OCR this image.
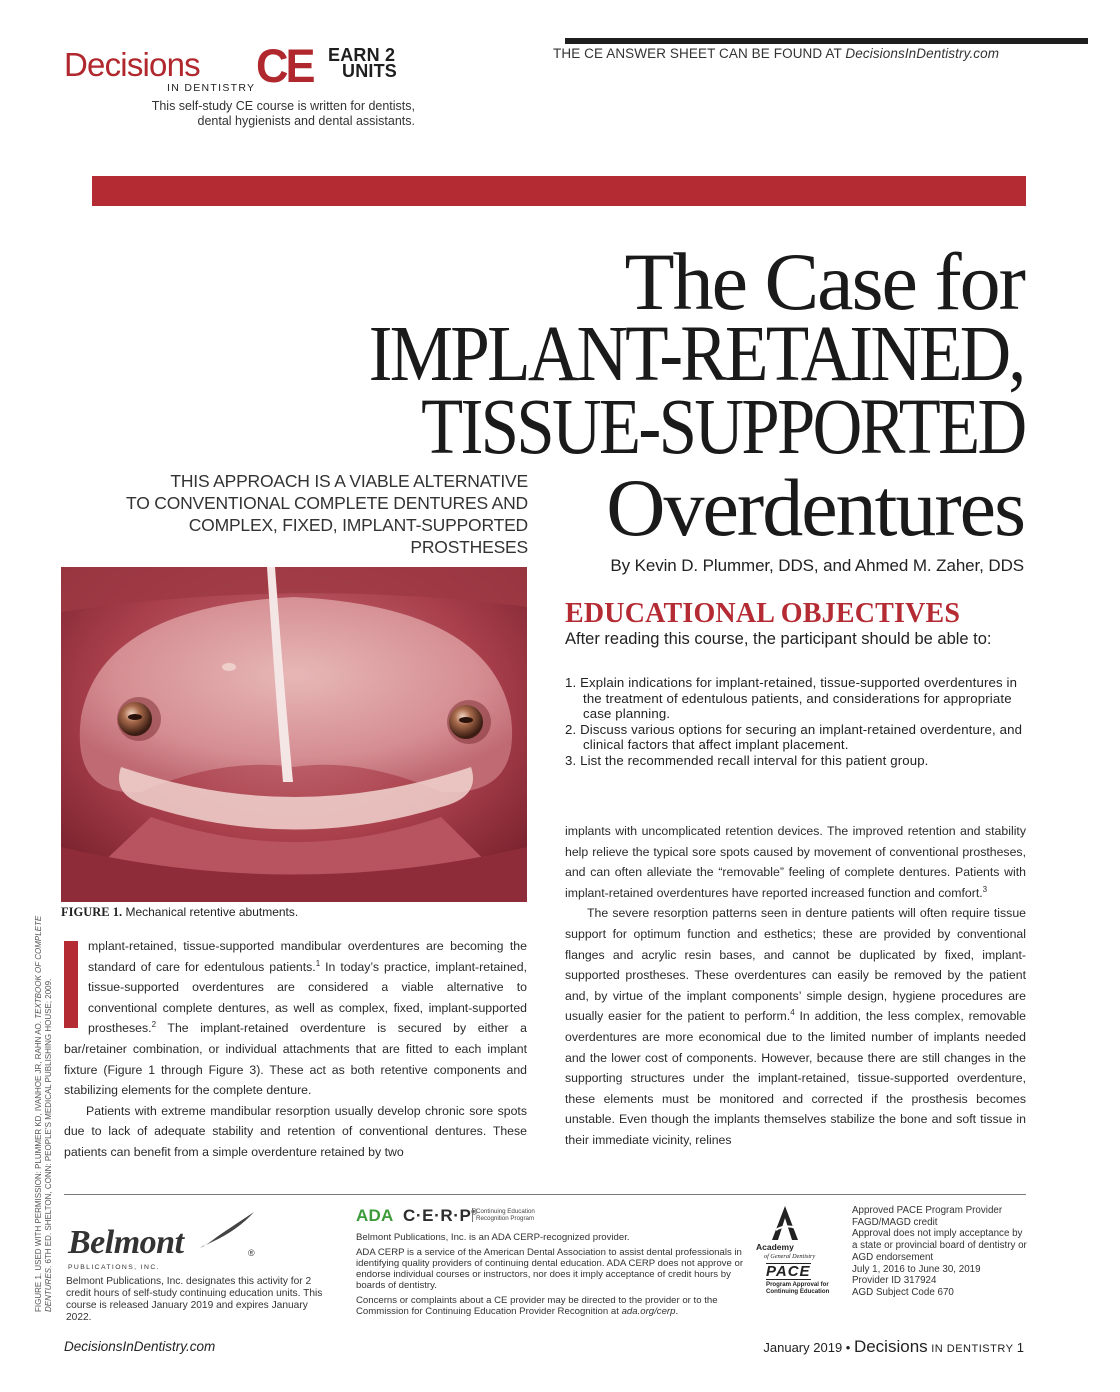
THE CE ANSWER SHEET CAN BE FOUND AT DecisionsInDentistry.com
Decisions
IN DENTISTRY CE EARN 2
UNITS
This self-study CE course is written for dentists,
dental hygienists and dental assistants.
The Case for
IMPLANT-RETAINED,
TISSUE-SUPPORTED
Overdentures
THIS APPROACH IS A VIABLE ALTERNATIVE
TO CONVENTIONAL COMPLETE DENTURES AND
COMPLEX, FIXED, IMPLANT-SUPPORTED PROSTHESES
By Kevin D. Plummer, DDS, and Ahmed M. Zaher, DDS
FIGURE 1. Mechanical retentive abutments.
EDUCATIONAL OBJECTIVES
After reading this course, the participant should be able to:
1. Explain indications for implant-retained, tissue-supported overdentures in the treatment of edentulous patients, and considerations for appropriate case planning.
2. Discuss various options for securing an implant-retained overdenture, and clinical factors that affect implant placement.
3. List the recommended recall interval for this patient group.

mplant-retained, tissue-supported mandibular overdentures are becoming the standard of care for edentulous patients.$^1$ In today’s practice, implant-retained, tissue-supported overdentures are considered a viable alternative to conventional complete dentures, as well as complex, fixed, implant-supported prostheses.$^2$ The implant-retained overdenture is secured by either a bar/retainer combination, or individual attachments that are fitted to each implant fixture (Figure 1 through Figure 3). These act as both retentive components and stabilizing elements for the complete denture.

Patients with extreme mandibular resorption usually develop chronic sore spots due to lack of adequate stability and retention of conventional dentures. These patients can benefit from a simple overdenture retained by two

implants with uncomplicated retention devices. The improved retention and stability help relieve the typical sore spots caused by movement of conventional prostheses, and can often alleviate the “removable” feeling of complete dentures. Patients with implant-retained overdentures have reported increased function and comfort.$^3$

The severe resorption patterns seen in denture patients will often require tissue support for optimum function and esthetics; these are provided by conventional flanges and acrylic resin bases, and cannot be duplicated by fixed, implant-supported prostheses. These overdentures can easily be removed by the patient and, by virtue of the implant components’ simple design, hygiene procedures are usually easier for the patient to perform.$^4$ In addition, the less complex, removable overdentures are more economical due to the limited number of implants needed and the lower cost of components. However, because there are still changes in the supporting structures under the implant-retained, tissue-supported overdenture, these elements must be monitored and corrected if the prosthesis becomes unstable. Even though the implants themselves stabilize the bone and soft tissue in their immediate vicinity, relines

FIGURE 1. USED WITH PERMISSION: PLUMMER KD, IVANHOE JR, RAHN AO. TEXTBOOK OF COMPLETE
DENTURES. 6TH ED. SHELTON, CONN: PEOPLE’S MEDICAL PUBLISHING HOUSE; 2009. Belmont	®
PUBLICATIONS, INC.
Belmont Publications, Inc. designates this activity for 2 credit hours of self-study continuing education units. This course is released January 2019 and expires January 2022.
ADA C·E·R·P®
Continuing Education
Recognition Program

Belmont Publications, Inc. is an ADA CERP-recognized provider.

ADA CERP is a service of the American Dental Association to assist dental professionals in identifying quality providers of continuing dental education. ADA CERP does not approve or endorse individual courses or instructors, nor does it imply acceptance of credit hours by boards of dentistry.

Concerns or complaints about a CE provider may be directed to the provider or to the Commission for Continuing Education Provider Recognition at ada.org/cerp.

Academy
of General Dentistry
PACE
Program Approval for
Continuing Education
Approved PACE Program Provider
FAGD/MAGD credit
Approval does not imply acceptance by a state or provincial board of dentistry or AGD endorsement
July 1, 2016 to June 30, 2019
Provider ID 317924
AGD Subject Code 670
DecisionsInDentistry.com	January 2019 • Decisions IN DENTISTRY 1
